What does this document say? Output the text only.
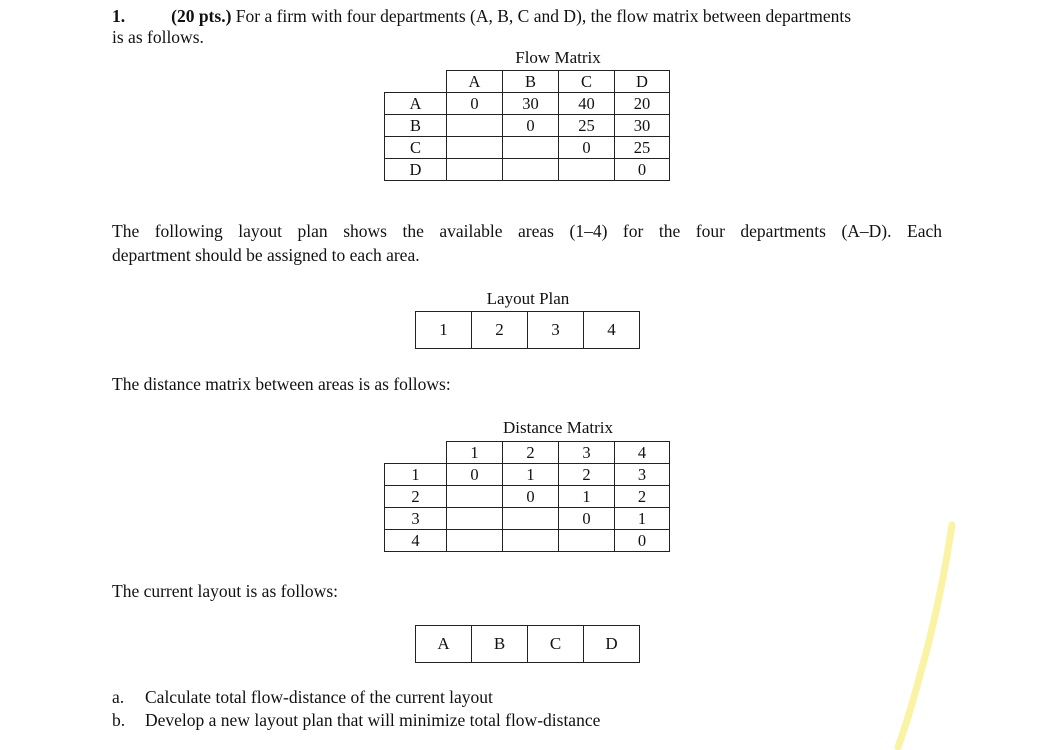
1.	(20 pts.) For a firm with four departments (A, B, C and D), the flow matrix between departments
is as follows.
Flow Matrix
	A	B	C	D
A	0	30	40	20
B		0	25	30
C			0	25
D				0
The following layout plan shows the available areas (1–4) for the four departments (A–D). Each
department should be assigned to each area.
Layout Plan
1	2	3	4
The distance matrix between areas is as follows:
Distance Matrix
	1	2	3	4
1	0	1	2	3
2		0	1	2
3			0	1
4				0
The current layout is as follows:
A	B	C	D
a. Calculate total flow-distance of the current layout
b. Develop a new layout plan that will minimize total flow-distance
